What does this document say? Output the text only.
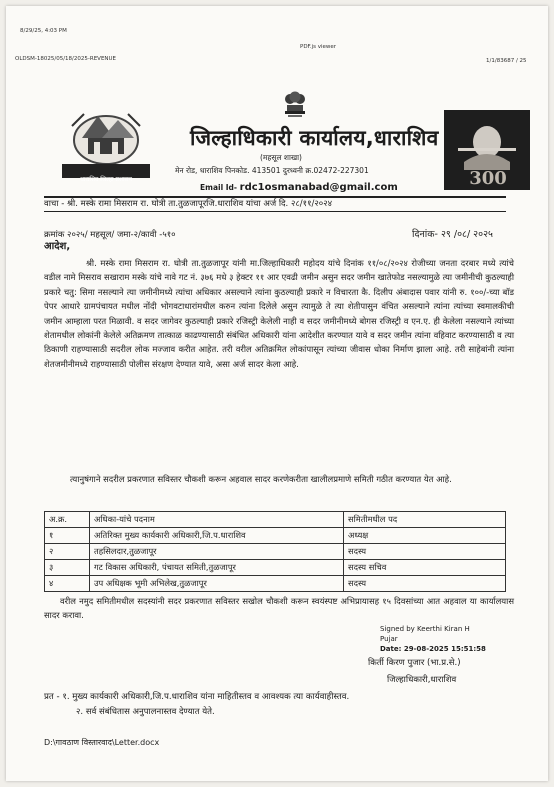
8/29/25, 4:03 PM
PDF.js viewer
OLDSM-18025/05/18/2025-REVENUE	1/1/83687 / 25
धाराशिव जिल्हा प्रशासन	300
जिल्हाधिकारी कार्यालय,धाराशिव
(महसूल शाखा)
मेन रोड, धाराशिव पिनकोड. 413501 दुरध्वनी क्र.02472-227301
Email Id- rdc1osmanabad@gmail.com
वाचा - श्री. मस्के रामा मिसराम रा. घोत्री ता.तुळजापूरजि.धाराशिव यांचा अर्ज दि. २८/११/२०२४
क्रमांक २०२५/ महसूल/ जमा-२/कावी -५१०	दिनांक- २९ /०८/ २०२५
आदेश,
श्री. मस्के रामा मिसराम रा. घोत्री ता.तुळजापूर यांनी मा.जिल्हाधिकारी महोदय यांचे दिनांक ११/०८/२०२४ रोजीच्या जनता दरबार मध्ये त्यांचे वडील नामे मिसराव सखाराम मस्के यांचे नावे गट नं. ३७६ मधे ३ हेक्टर ११ आर एवढी जमीन असुन सदर जमीन खातेफोड नसल्यामुळे त्या जमीनीची कुठल्याही प्रकारे चतु: सिमा नसल्याने त्या जमीनीमध्ये त्यांचा अधिकार असल्याने त्यांना कुठल्याही प्रकारे न विचारता कै. दिलीप अंबादास पवार यांनी रु. १००/-च्या बॉड पेपर आधारे ग्रामपंचायत मधील नोंदी भोगवटाधारांमधील करुन त्यांना दिलेले असुन त्यामुळे ते त्या शेतीपासुन वंचित असल्याने त्यांना त्यांच्या स्वमालकीची जमीन आम्हाला परत मिळावी. व सदर जागेवर कुठल्याही प्रकारे रजिस्ट्री केलेली नाही व सदर जमीनीमध्ये बोगस रजिस्ट्री व एन.ए. ही केलेला नसल्याने त्यांच्या शेतामधील लोकांनी केलेले अतिक्रमण तात्काळ काढण्यासाठी संबंधित अधिकारी यांना आदेशीत करण्यात यावे व सदर जमीन त्यांना वहिवाट करण्यासाठी व त्या ठिकाणी राहण्यासाठी सदरील लोक मज्जाव करीत आहेत. तरी वरील अतिक्रमित लोकांपासून त्यांच्या जीवास धोका निर्माण झाला आहे. तरी साहेबांनी त्यांना शेतजमीनीमध्ये राहण्यासाठी पोलीस संरक्षण देण्यात यावे, असा अर्ज सादर केला आहे.
त्यानुषंगाने सदरील प्रकरणात सविस्तर चौकशी करून अहवाल सादर करणेकरीता खालीलप्रमाणे समिती गठीत करण्यात येत आहे.
अ.क्र.	अधिका-यांचे पदनाम	समितीमधील पद
१	अतिरिक्त मुख्य कार्यकारी अधिकारी,जि.प.धाराशिव	अध्यक्ष
२	तहसिलदार,तुळजापूर	सदस्य
३	गट विकास अधिकारी, पंचायत समिती,तुळजापूर	सदस्य सचिव
४	उप अधिक्षक भूमी अभिलेख,तुळजापूर	सदस्य
वरील नमुद समितीमधील सदस्यांनी सदर प्रकरणात सविस्तर सखोल चौकशी करून स्वयंस्पष्ट अभिप्रायासह १५ दिवसांच्या आत अहवाल या कार्यालयास सादर करावा.
Signed by Keerthi Kiran H
Pujar
Date: 29-08-2025 15:51:58
किर्ती किरण पुजार (भा.प्र.से.)
जिल्हाधिकारी,धाराशिव
प्रत - १. मुख्य कार्यकारी अधिकारी,जि.प.धाराशिव यांना माहितीस्तव व आवश्यक त्या कार्यवाहीस्तव.
२. सर्व संबंधितास अनुपालनास्तव देण्यात येते.
D:\गावठाण विस्तारवाद\Letter.docx
